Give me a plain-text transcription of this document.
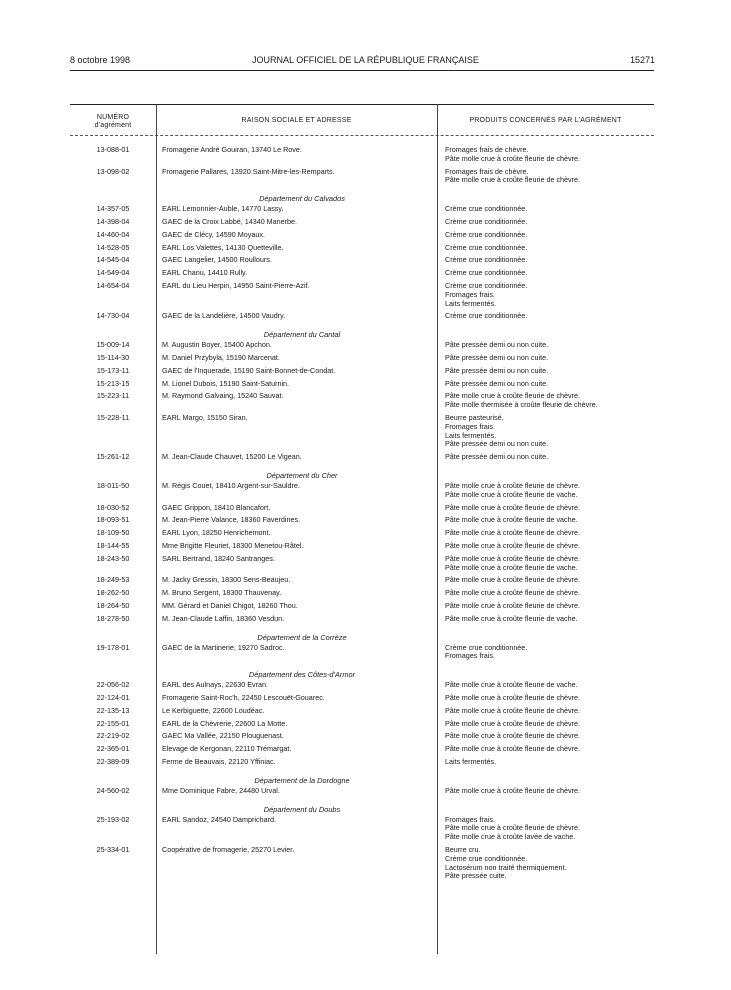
8 octobre 1998	JOURNAL OFFICIEL DE LA RÉPUBLIQUE FRANÇAISE	15271
NUMÉRO
d'agrément
RAISON SOCIALE ET ADRESSE	PRODUITS CONCERNÉS PAR L'AGRÉMENT
13-088-01	Fromagerie André Gouiran, 13740 Le Rove.	Fromages frais de chèvre.
Pâte molle crue à croûte fleurie de chèvre.
13-098-02	Fromagerie Pallares, 13920 Saint-Mitre-les-Remparts.	Fromages frais de chèvre.
Pâte molle crue à croûte fleurie de chèvre.
Département du Calvados
14-357-05	EARL Lemonnier-Auble, 14770 Lassy.	Crème crue conditionnée.
14-398-04	GAEC de la Croix Labbé, 14340 Manerbe.	Crème crue conditionnée.
14-460-04	GAEC de Clécy, 14590 Moyaux.	Crème crue conditionnée.
14-528-05	EARL Los Valettes, 14130 Quetteville.	Crème crue conditionnée.
14-545-04	GAEC Langelier, 14500 Roullours.	Crème crue conditionnée.
14-549-04	EARL Chanu, 14410 Rully.	Crème crue conditionnée.
14-654-04	EARL du Lieu Herpin, 14950 Saint-Pierre-Azif.	Crème crue conditionnée.
Fromages frais.
Laits fermentés.
14-730-04	GAEC de la Landelière, 14500 Vaudry.	Crème crue conditionnée.
Département du Cantal
15-009-14	M. Augustin Boyer, 15400 Apchon.	Pâte pressée demi ou non cuite.
15-114-30	M. Daniel Przybyla, 15190 Marcenat.	Pâte pressée demi ou non cuite.
15-173-11	GAEC de l'Inquerade, 15190 Saint-Bonnet-de-Condat.	Pâte pressée demi ou non cuite.
15-213-15	M. Lionel Dubois, 15190 Saint-Saturnin.	Pâte pressée demi ou non cuite.
15-223-11	M. Raymond Galvaing, 15240 Sauvat.	Pâte molle crue à croûte fleurie de chèvre.
Pâte molle thermisée à croûte fleurie de chèvre.
15-228-11	EARL Margo, 15150 Siran.	Beurre pasteurisé.
Fromages frais.
Laits fermentés.
Pâte pressée demi ou non cuite.
15-261-12	M. Jean-Claude Chauvet, 15200 Le Vigean.	Pâte pressée demi ou non cuite.
Département du Cher
18-011-50	M. Régis Couet, 18410 Argent-sur-Sauldre.	Pâte molle crue à croûte fleurie de chèvre.
Pâte molle crue à croûte fleurie de vache.
18-030-52	GAEC Grippon, 18410 Blancafort.	Pâte molle crue à croûte fleurie de chèvre.
18-093-51	M. Jean-Pierre Valance, 18360 Faverdines.	Pâte molle crue à croûte fleurie de vache.
18-109-50	EARL Lyon, 18250 Henrichemont.	Pâte molle crue à croûte fleurie de chèvre.
18-144-55	Mme Brigitte Fleuriet, 18300 Menetou-Râtel.	Pâte molle crue à croûte fleurie de chèvre.
18-243-50	SARL Bertrand, 18240 Santranges.	Pâte molle crue à croûte fleurie de chèvre.
Pâte molle crue à croûte fleurie de vache.
18-249-53	M. Jacky Gressin, 18300 Sens-Beaujeu.	Pâte molle crue à croûte fleurie de chèvre.
18-262-50	M. Bruno Sergent, 18300 Thauvenay.	Pâte molle crue à croûte fleurie de chèvre.
18-264-50	MM. Gérard et Daniel Chigot, 18260 Thou.	Pâte molle crue à croûte fleurie de chèvre.
18-278-50	M. Jean-Claude Laffin, 18360 Vesdun.	Pâte molle crue à croûte fleurie de vache.
Département de la Corrèze
19-178-01	GAEC de la Martinerie, 19270 Sadroc.	Crème crue conditionnée.
Fromages frais.
Département des Côtes-d'Armor
22-056-02	EARL des Aulnays, 22630 Evran.	Pâte molle crue à croûte fleurie de vache.
22-124-01	Fromagerie Saint-Roc'h, 22450 Lescouët-Gouarec.	Pâte molle crue à croûte fleurie de chèvre.
22-135-13	Le Kerbiguette, 22600 Loudéac.	Pâte molle crue à croûte fleurie de chèvre.
22-155-01	EARL de la Chèvrerie, 22600 La Motte.	Pâte molle crue à croûte fleurie de chèvre.
22-219-02	GAEC Ma Vallée, 22150 Plouguenast.	Pâte molle crue à croûte fleurie de chèvre.
22-365-01	Elevage de Kergonan, 22110 Trémargat.	Pâte molle crue à croûte fleurie de chèvre.
22-389-09	Ferme de Beauvais, 22120 Yffiniac.	Laits fermentés.
Département de la Dordogne
24-560-02	Mme Dominique Fabre, 24480 Urval.	Pâte molle crue à croûte fleurie de chèvre.
Département du Doubs
25-193-02	EARL Sandoz, 24540 Damprichard.	Fromages frais.
Pâte molle crue à croûte fleurie de chèvre.
Pâte molle crue à croûte lavée de vache.
25-334-01	Coopérative de fromagerie, 25270 Levier.	Beurre cru.
Crème crue conditionnée.
Lactosérum non traité thermiquement.
Pâte pressée cuite.
